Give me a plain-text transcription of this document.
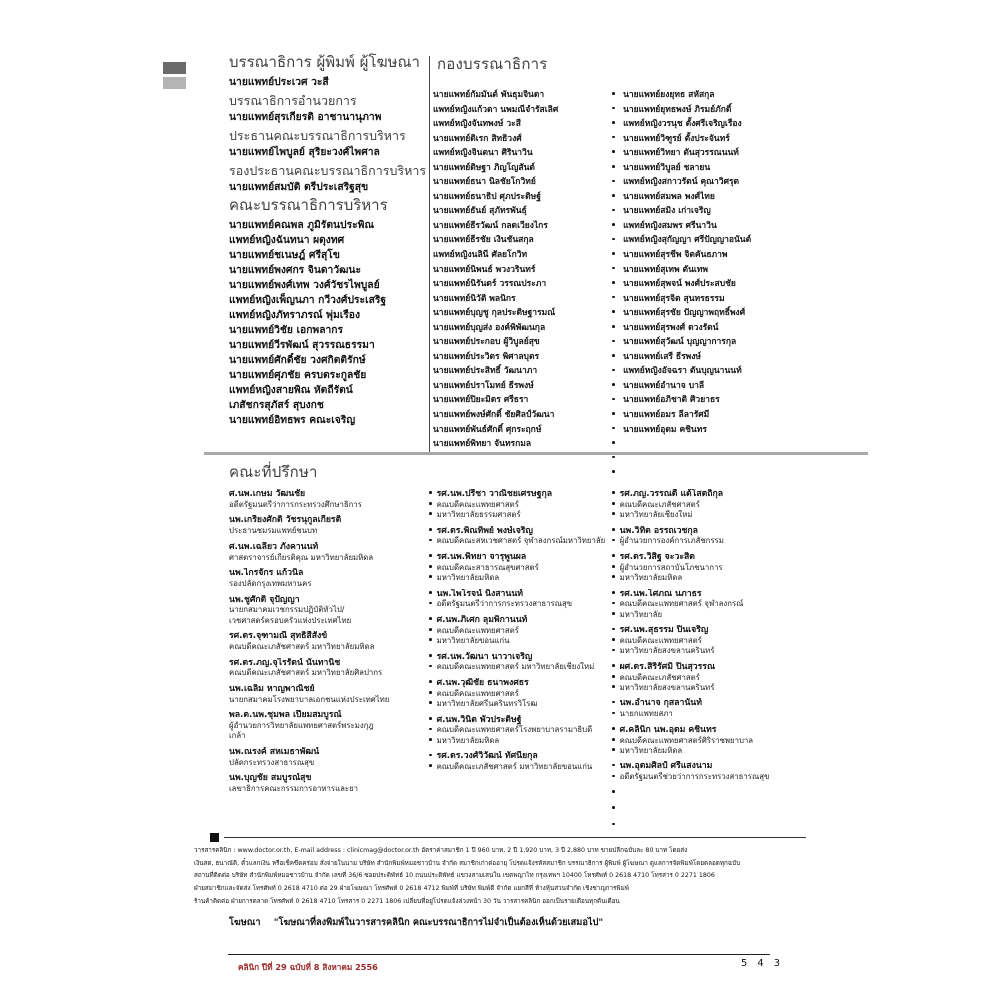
บรรณาธิการ ผู้พิมพ์ ผู้โฆษณา
นายแพทย์ประเวศ วะสี
บรรณาธิการอำนวยการ
นายแพทย์สุรเกียรติ อาชานานุภาพ
ประธานคณะบรรณาธิการบริหาร
นายแพทย์ไพบูลย์ สุริยะวงศ์ไพศาล
รองประธานคณะบรรณาธิการบริหาร
นายแพทย์สมบัติ ตรีประเสริฐสุข
คณะบรรณาธิการบริหาร
นายแพทย์คณพล ภูมิรัตนประพิณ
แพทย์หญิงฉันทนา ผดุงทศ
นายแพทย์ชเนษฎ์ ศรีสุโข
นายแพทย์พงศกร จินดาวัฒนะ
นายแพทย์พงศ์เทพ วงศ์วัชรไพบูลย์
แพทย์หญิงเพ็ญนภา กวีวงศ์ประเสริฐ
แพทย์หญิงภัทราภรณ์ พุ่มเรือง
นายแพทย์วิชัย เอกพลากร
นายแพทย์วีรพัฒน์ สุวรรณธรรมา
นายแพทย์ศักดิ์ชัย วงศกิตติรักษ์
นายแพทย์ศุภชัย ครบตระกูลชัย
แพทย์หญิงสายพิณ หัตถีรัตน์
เภสัชกรสุภัสร์ สุบงกช
นายแพทย์อิทธพร คณะเจริญ
กองบรรณาธิการ
นายแพทย์กัมมันต์ พันธุมจินดา
แพทย์หญิงแก้วตา นพมณีจำรัสเลิศ
แพทย์หญิงจันทพงษ์ วะสี
นายแพทย์ดิเรก สิทธิวงศ์
แพทย์หญิงจินตนา ศิรินาวิน
นายแพทย์ดิษฐา ภิญโญสันต์
นายแพทย์ธนา นิลชัยโกวิทย์
นายแพทย์ธนาธิป ศุภประดิษฐ์
นายแพทย์ธันย์ สุภัทรพันธุ์
นายแพทย์ธีรวัฒน์ กลดเวียงไกร
นายแพทย์ธีรชัย เงินชันสกุล
แพทย์หญิงนลินี ศัลยโกวิท
นายแพทย์นิพนธ์ พวงวรินทร์
นายแพทย์นิรันดร์ วรรณประภา
นายแพทย์นิวัติ พลนิกร
นายแพทย์บุญชู กุลประดิษฐารมณ์
นายแพทย์บุญส่ง องค์พิพัฒนกุล
นายแพทย์ประกอบ ผู้วิบูลย์สุข
นายแพทย์ประวิตร พิศาลบุตร
นายแพทย์ประสิทธิ์ วัฒนาภา
นายแพทย์ปราโมทย์ ธีรพงษ์
นายแพทย์ปิยะมิตร ศรีธรา
นายแพทย์พงษ์ศักดิ์ ชัยศิลป์วัฒนา
นายแพทย์พันธ์ศักดิ์ ศุกระฤกษ์
นายแพทย์พิทยา จันทรกมล
นายแพทย์ยงยุทธ สหัสกุล
นายแพทย์ยุทธพงษ์ ภิรมย์ภักดิ์
แพทย์หญิงวรนุช ตั้งศรีเจริญเรือง
นายแพทย์วิฑูรย์ ตั้งประจันทร์
นายแพทย์วิทยา ตันสุวรรณนนท์
นายแพทย์วิบูลย์ ชลายน
แพทย์หญิงสกาวรัตน์ คุณาวิศรุต
นายแพทย์สมพล พงศ์ไทย
นายแพทย์สมิง เก่าเจริญ
แพทย์หญิงสมพร ศรีนาวิน
แพทย์หญิงสุกัญญา ศรีปัญญาอนันต์
นายแพทย์สุรชีพ จิตคันธภาพ
นายแพทย์สุเทพ ตันเทพ
นายแพทย์สุพจน์ พงศ์ประสบชัย
นายแพทย์สุรจิต สุนทรธรรม
นายแพทย์สุรชัย ปัญญาพฤทธิ์พงศ์
นายแพทย์สุรพงศ์ ดวงรัตน์
นายแพทย์สุวัฒน์ บุญญาการกุล
นายแพทย์เสรี ธีรพงษ์
แพทย์หญิงอัจฉรา ตันบุญนานนท์
นายแพทย์อำนาจ บาลี
นายแพทย์อภิชาติ ศิวยาธร
นายแพทย์อมร ลีลารัศมี
นายแพทย์อุดม คชินทร
คณะที่ปรึกษา
ศ.นพ.เกษม วัฒนชัย
อดีตรัฐมนตรีว่าการกระทรวงศึกษาธิการ
นพ.เกรียงศักดิ์ วัชรนุกูลเกียรติ
ประธานชมรมแพทย์ชนบท
ศ.นพ.เฉลียว ภังคานนท์
ศาสตราจารย์เกียรติคุณ มหาวิทยาลัยมหิดล
นพ.ไกรจักร แก้วนิล
รองปลัดกรุงเทพมหานคร
นพ.ชูศักดิ์ จุปัญญา
นายกสมาคมเวชกรรมปฏิบัติทั่วไป/
เวชศาสตร์ครอบครัวแห่งประเทศไทย
รศ.ดร.จุฑามณี สุทธิสีสังข์
คณบดีคณะเภสัชศาสตร์ มหาวิทยาลัยมหิดล
รศ.ดร.ภญ.จุไรรัตน์ นันทานิช
คณบดีคณะเภสัชศาสตร์ มหาวิทยาลัยศิลปากร
นพ.เฉลิม หาญพาณิชย์
นายกสมาคมโรงพยาบาลเอกชนแห่งประเทศไทย
พล.ต.นพ.ชุมพล เปี่ยมสมบูรณ์
ผู้อำนวยการวิทยาลัยแพทยศาสตร์พระมงกุฎ
เกล้า
นพ.ณรงค์ สหเมธาพัฒน์
ปลัดกระทรวงสาธารณสุข
นพ.บุญชัย สมบูรณ์สุข
เลขาธิการคณะกรรมการอาหารและยา
รศ.นพ.ปรีชา วาณิชยเศรษฐกุล
คณบดีคณะแพทยศาสตร์
มหาวิทยาลัยธรรมศาสตร์
รศ.ดร.พิณทิพย์ พงษ์เจริญ
คณบดีคณะสหเวชศาสตร์ จุฬาลงกรณ์มหาวิทยาลัย
รศ.นพ.พิทยา จารุพูนผล
คณบดีคณะสาธารณสุขศาสตร์
มหาวิทยาลัยมหิดล
นพ.ไพโรจน์ นิงสานนท์
อดีตรัฐมนตรีว่าการกระทรวงสาธารณสุข
ศ.นพ.ภิเศก ลุมพิกานนท์
คณบดีคณะแพทยศาสตร์
มหาวิทยาลัยขอนแก่น
รศ.นพ.วัฒนา นาวาเจริญ
คณบดีคณะแพทยศาสตร์ มหาวิทยาลัยเชียงใหม่
ศ.นพ.วุฒิชัย ธนาพงศธร
คณบดีคณะแพทยศาสตร์
มหาวิทยาลัยศรีนครินทรวิโรฒ
ศ.นพ.วินิต พัวประดิษฐ์
คณบดีคณะแพทยศาสตร์โรงพยาบาลรามาธิบดี
มหาวิทยาลัยมหิดล
รศ.ดร.วงศ์วิวัฒน์ ทัศนียกุล
คณบดีคณะเภสัชศาสตร์ มหาวิทยาลัยขอนแก่น
รศ.ภญ.วรรณดี แต้โสตถิกุล
คณบดีคณะเภสัชศาสตร์
มหาวิทยาลัยเชียงใหม่
นพ.วิทิต อรรถเวชกุล
ผู้อำนวยการองค์การเภสัชกรรม
รศ.ดร.วิสิฐ จะวะสิต
ผู้อำนวยการสถาบันโภชนาการ
มหาวิทยาลัยมหิดล
รศ.นพ.โศภณ นภาธร
คณบดีคณะแพทยศาสตร์ จุฬาลงกรณ์
มหาวิทยาลัย
รศ.นพ.สุธรรม ปิ่นเจริญ
คณบดีคณะแพทยศาสตร์
มหาวิทยาลัยสงขลานครินทร์
ผศ.ดร.สิริรัศมิ์ ปิ่นสุวรรณ
คณบดีคณะเภสัชศาสตร์
มหาวิทยาลัยสงขลานครินทร์
นพ.อำนาจ กุสลานันท์
นายกแพทยสภา
ศ.คลินิก นพ.อุดม คชินทร
คณบดีคณะแพทยศาสตร์ศิริราชพยาบาล
มหาวิทยาลัยมหิดล
นพ.อุดมศิลป์ ศรีแสงนาม
อดีตรัฐมนตรีช่วยว่าการกระทรวงสาธารณสุข
วารสารคลินิก : www.doctor.or.th, E-mail address : clinicmag@doctor.or.th อัตราค่าสมาชิก 1 ปี 960 บาท, 2 ปี 1,920 บาท, 3 ปี 2,880 บาท ขายปลีกฉบับละ 80 บาท โดยส่ง
เงินสด, ธนาณัติ, ตั๋วแลกเงิน หรือเช็คขีดคร่อม สั่งจ่ายในนาม บริษัท สำนักพิมพ์หมอชาวบ้าน จำกัด สมาชิกเก่าต่ออายุ โปรดแจ้งรหัสสมาชิก บรรณาธิการ ผู้พิมพ์ ผู้โฆษณา ดูแลการจัดพิมพ์โดยตลอดทุกฉบับ
สถานที่ติดต่อ บริษัท สำนักพิมพ์หมอชาวบ้าน จำกัด เลขที่ 36/6 ซอยประดิพัทธ์ 10 ถนนประดิพัทธ์ แขวงสามเสนใน เขตพญาไท กรุงเทพฯ 10400 โทรศัพท์ 0 2618 4710 โทรสาร 0 2271 1806
ฝ่ายสมาชิกและจัดส่ง โทรศัพท์ 0 2618 4710 ต่อ 29 ฝ่ายโฆษณา โทรศัพท์ 0 2618 4712 พิมพ์ที่ บริษัท พิมพ์ดี จำกัด แยกสีที่ ห้างหุ้นส่วนจำกัด เชิงชาญการพิมพ์
ร้านค้าติดต่อ ฝ่ายการตลาด โทรศัพท์ 0 2618 4710 โทรสาร 0 2271 1806 เปลี่ยนที่อยู่โปรดแจ้งล่วงหน้า 30 วัน วารสารคลินิก ออกเป็นรายเดือนทุกต้นเดือน
โฆษณา "โฆษณาที่ลงพิมพ์ในวารสารคลินิก คณะบรรณาธิการไม่จำเป็นต้องเห็นด้วยเสมอไป"
คลินิก ปีที่ 29 ฉบับที่ 8 สิงหาคม 2556	5 4 3
